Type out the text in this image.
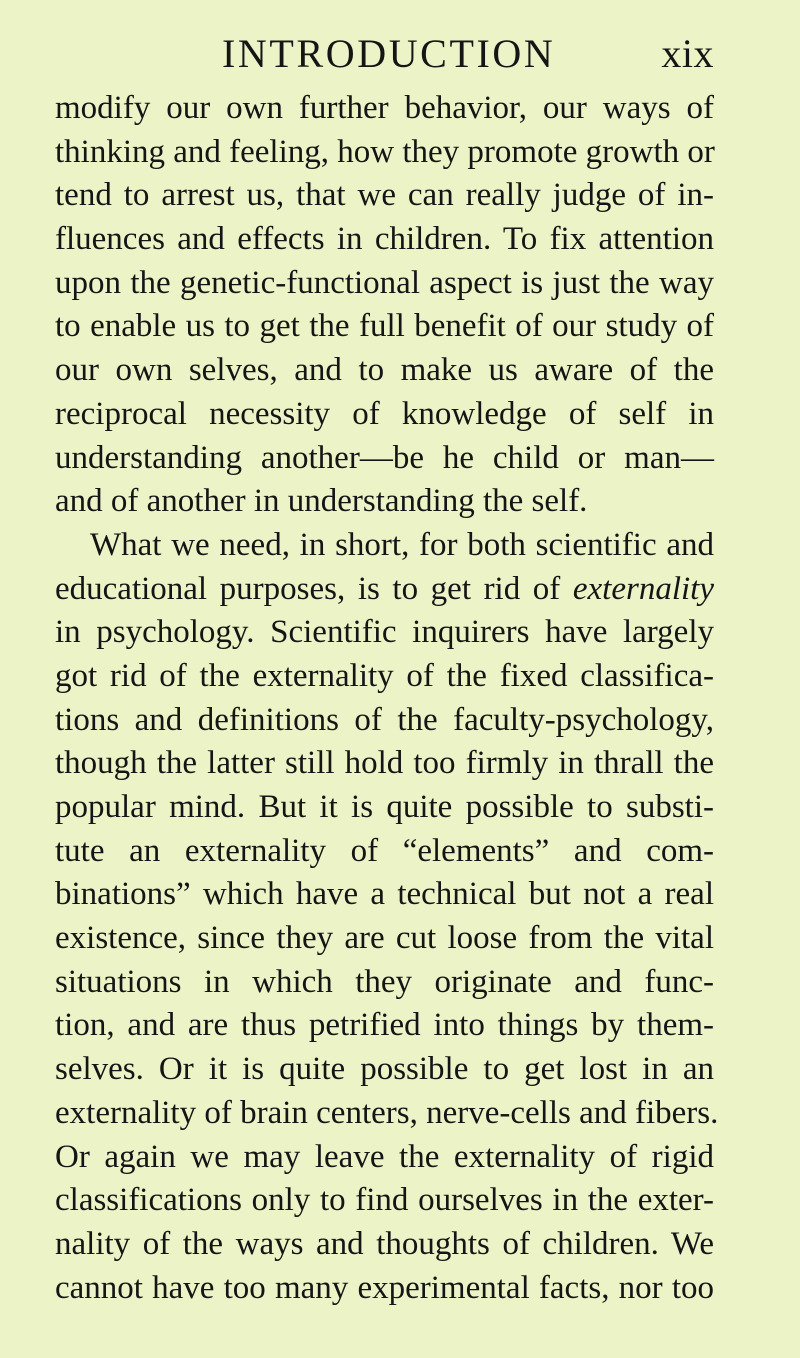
INTRODUCTION	xix
modify our own further behavior, our ways of
thinking and feeling, how they promote growth or
tend to arrest us, that we can really judge of in-
fluences and effects in children. To fix attention
upon the genetic-functional aspect is just the way
to enable us to get the full benefit of our study of
our own selves, and to make us aware of the
reciprocal necessity of knowledge of self in
understanding another—be he child or man—
and of another in understanding the self.
What we need, in short, for both scientific and
educational purposes, is to get rid of externality
in psychology. Scientific inquirers have largely
got rid of the externality of the fixed classifica-
tions and definitions of the faculty-psychology,
though the latter still hold too firmly in thrall the
popular mind. But it is quite possible to substi-
tute an externality of “elements” and com-
binations” which have a technical but not a real
existence, since they are cut loose from the vital
situations in which they originate and func-
tion, and are thus petrified into things by them-
selves. Or it is quite possible to get lost in an
externality of brain centers, nerve-cells and fibers.
Or again we may leave the externality of rigid
classifications only to find ourselves in the exter-
nality of the ways and thoughts of children. We
cannot have too many experimental facts, nor too
